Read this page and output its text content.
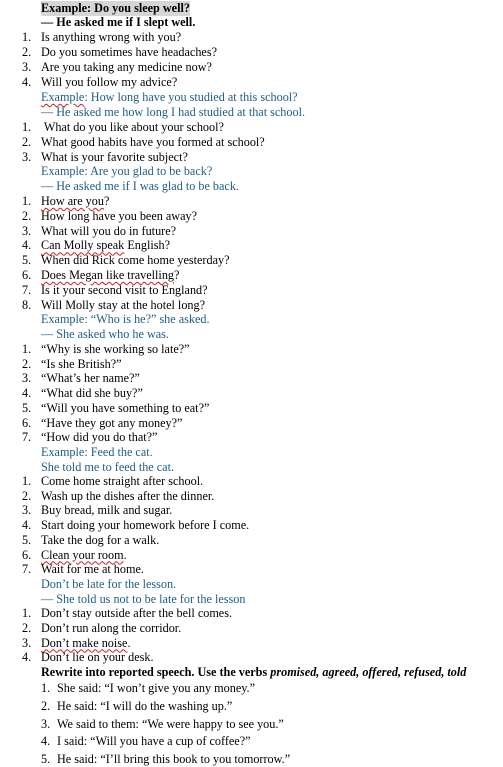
Example: Do you sleep well?
— He asked me if I slept well.
1. Is anything wrong with you?
2. Do you sometimes have headaches?
3. Are you taking any medicine now?
4. Will you follow my advice?
Example: How long have you studied at this school?
— He asked me how long I had studied at that school.
1. What do you like about your school?
2. What good habits have you formed at school?
3. What is your favorite subject?
Example: Are you glad to be back?
— He asked me if I was glad to be back.
1. How are you?
2. How long have you been away?
3. What will you do in future?
4. Can Molly speak English?
5. When did Rick come home yesterday?
6. Does Megan like travelling?
7. Is it your second visit to England?
8. Will Molly stay at the hotel long?
Example: “Who is he?” she asked.
— She asked who he was.
1. “Why is she working so late?”
2. “Is she British?”
3. “What’s her name?”
4. “What did she buy?”
5. “Will you have something to eat?”
6. “Have they got any money?”
7. “How did you do that?”
Example: Feed the cat.
She told me to feed the cat.
1. Come home straight after school.
2. Wash up the dishes after the dinner.
3. Buy bread, milk and sugar.
4. Start doing your homework before I come.
5. Take the dog for a walk.
6. Clean your room.
7. Wait for me at home.
Don’t be late for the lesson.
— She told us not to be late for the lesson
1. Don’t stay outside after the bell comes.
2. Don’t run along the corridor.
3. Don’t make noise.
4. Don’t lie on your desk.
Rewrite into reported speech. Use the verbs promised, agreed, offered, refused, told
1. She said: “I won’t give you any money.”
2. He said: “I will do the washing up.”
3. We said to them: “We were happy to see you.”
4. I said: “Will you have a cup of coffee?”
5. He said: “I’ll bring this book to you tomorrow.”
